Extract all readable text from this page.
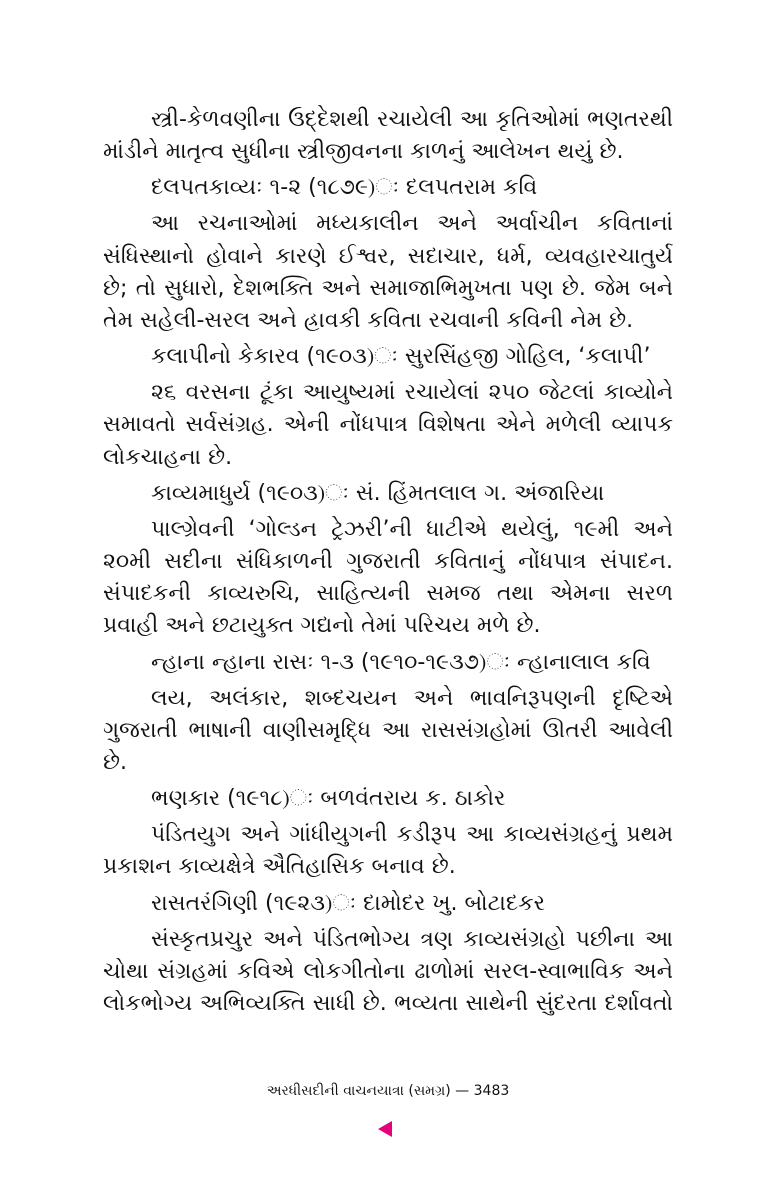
સ્ત્રી-કેળવણીના ઉદ્દેશથી રચાયેલી આ કૃતિઓમાં ભણતરથી માંડીને માતૃત્વ સુધીના સ્ત્રીજીવનના કાળનું આલેખન થયું છે.

દલપતકાવ્યઃ ૧-૨ (૧૮૭૯)ઃ દલપતરામ કવિ

આ રચનાઓમાં મધ્યકાલીન અને અર્વાચીન કવિતાનાં સંધિસ્થાનો હોવાને કારણે ઈશ્વર, સદાચાર, ધર્મ, વ્યવહારચાતુર્ય છે; તો સુધારો, દેશભક્તિ અને સમાજાભિમુખતા પણ છે. જેમ બને તેમ સહેલી-સરલ અને હ્રાવકી કવિતા રચવાની કવિની નેમ છે.

કલાપીનો કેકારવ (૧૯૦૩)ઃ સુરસિંહજી ગોહિલ, ‘કલાપી’

૨૬ વરસના ટૂંકા આયુષ્યમાં રચાયેલાં ૨૫૦ જેટલાં કાવ્યોને સમાવતો સર્વસંગ્રહ. એની નોંધપાત્ર વિશેષતા એને મળેલી વ્યાપક લોકચાહના છે.

કાવ્યમાધુર્ય (૧૯૦૩)ઃ સં. હિંમતલાલ ગ. અંજારિયા

પાલ્ગ્રેવની ‘ગોલ્ડન ટ્રેઝરી’ની ધાટીએ થયેલું, ૧૯મી અને ૨૦મી સદીના સંધિકાળની ગુજરાતી કવિતાનું નોંધપાત્ર સંપાદન. સંપાદકની કાવ્યરુચિ, સાહિત્યની સમજ તથા એમના સરળ પ્રવાહી અને છટાયુક્ત ગદ્યનો તેમાં પરિચય મળે છે.

ન્હાના ન્હાના રાસઃ ૧-૩ (૧૯૧૦-૧૯૩૭)ઃ ન્હાનાલાલ કવિ

લય, અલંકાર, શબ્દચયન અને ભાવનિરૂપણની દૃષ્ટિએ ગુજરાતી ભાષાની વાણીસમૃદ્ધિ આ રાસસંગ્રહોમાં ઊતરી આવેલી છે.

ભણકાર (૧૯૧૮)ઃ બળવંતરાય ક. ઠાકોર

પંડિતયુગ અને ગાંધીયુગની કડીરૂપ આ કાવ્યસંગ્રહનું પ્રથમ પ્રકાશન કાવ્યક્ષેત્રે ઐતિહાસિક બનાવ છે.

રાસતરંગિણી (૧૯૨૩)ઃ દામોદર ખુ. બોટાદકર

સંસ્કૃતપ્રચુર અને પંડિતભોગ્ય ત્રણ કાવ્યસંગ્રહો પછીના આ ચોથા સંગ્રહમાં કવિએ લોકગીતોના ઢાળોમાં સરલ-સ્વાભાવિક અને લોકભોગ્ય અભિવ્યક્તિ સાધી છે. ભવ્યતા સાથેની સુંદરતા દર્શાવતો

અરધીસદીની વાચનયાત્રા (સમગ્ર) — 3483
